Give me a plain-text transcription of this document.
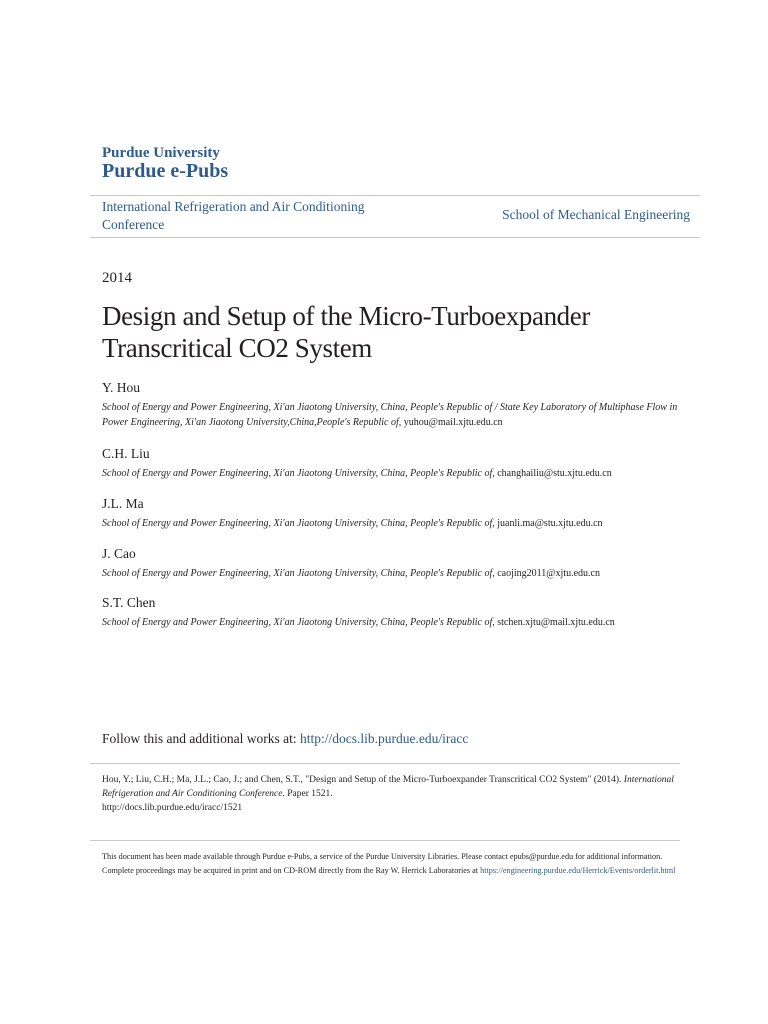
Purdue University
Purdue e-Pubs
International Refrigeration and Air Conditioning Conference
School of Mechanical Engineering
2014
Design and Setup of the Micro-Turboexpander Transcritical CO2 System
Y. Hou
School of Energy and Power Engineering, Xi'an Jiaotong University, China, People's Republic of / State Key Laboratory of Multiphase Flow in Power Engineering, Xi'an Jiaotong University,China,People's Republic of, yuhou@mail.xjtu.edu.cn
C.H. Liu
School of Energy and Power Engineering, Xi'an Jiaotong University, China, People's Republic of, changhailiu@stu.xjtu.edu.cn
J.L. Ma
School of Energy and Power Engineering, Xi'an Jiaotong University, China, People's Republic of, juanli.ma@stu.xjtu.edu.cn
J. Cao
School of Energy and Power Engineering, Xi'an Jiaotong University, China, People's Republic of, caojing2011@xjtu.edu.cn
S.T. Chen
School of Energy and Power Engineering, Xi'an Jiaotong University, China, People's Republic of, stchen.xjtu@mail.xjtu.edu.cn
Follow this and additional works at: http://docs.lib.purdue.edu/iracc
Hou, Y.; Liu, C.H.; Ma, J.L.; Cao, J.; and Chen, S.T., "Design and Setup of the Micro-Turboexpander Transcritical CO2 System" (2014). International Refrigeration and Air Conditioning Conference. Paper 1521.
http://docs.lib.purdue.edu/iracc/1521
This document has been made available through Purdue e-Pubs, a service of the Purdue University Libraries. Please contact epubs@purdue.edu for additional information.
Complete proceedings may be acquired in print and on CD-ROM directly from the Ray W. Herrick Laboratories at https://engineering.purdue.edu/Herrick/Events/orderlit.html
